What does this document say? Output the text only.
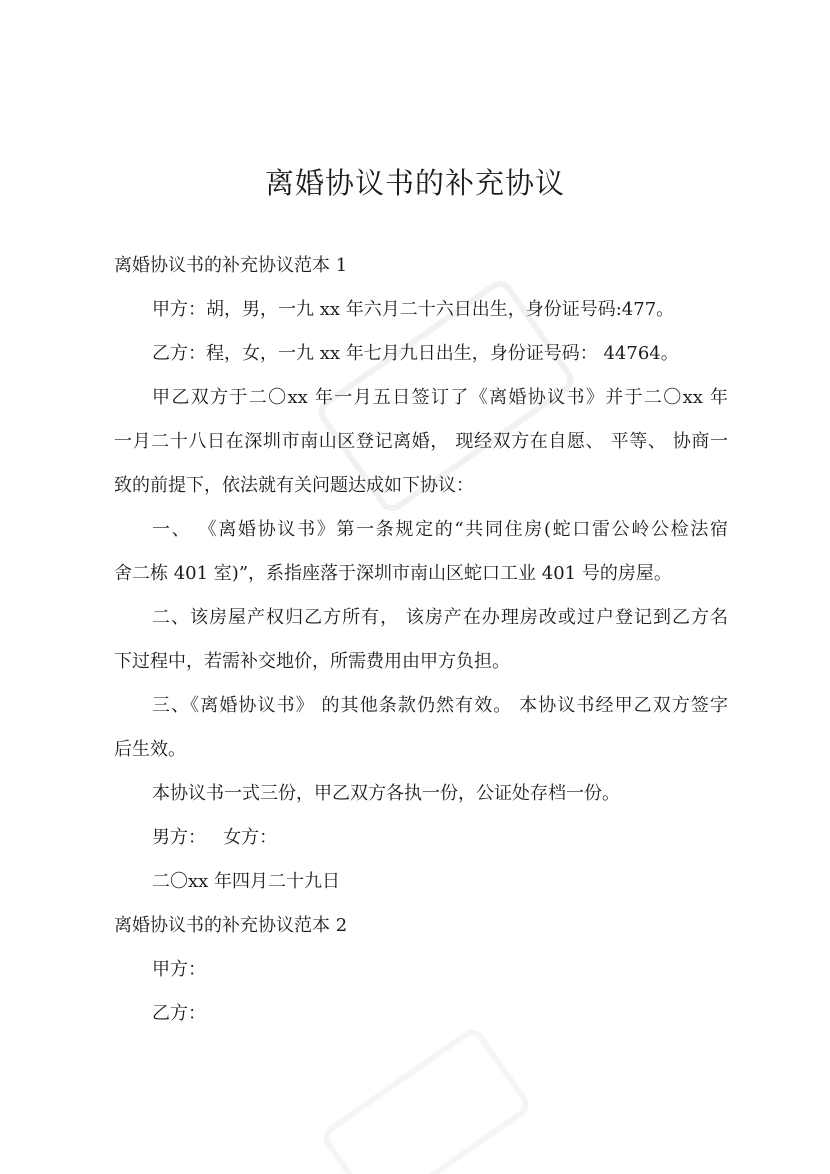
离婚协议书的补充协议
离婚协议书的补充协议范本 1
甲方：胡，男，一九 xx 年六月二十六日出生，身份证号码:477。
乙方：程，女，一九 xx 年七月九日出生，身份证号码： 44764。
甲乙双方于二〇xx 年一月五日签订了《离婚协议书》并于二〇xx 年
一月二十八日在深圳市南山区登记离婚， 现经双方在自愿、 平等、 协商一
致的前提下，依法就有关问题达成如下协议：
一、 《离婚协议书》第一条规定的“共同住房(蛇口雷公岭公检法宿
舍二栋 401 室)”，系指座落于深圳市南山区蛇口工业 401 号的房屋。
二、该房屋产权归乙方所有， 该房产在办理房改或过户登记到乙方名
下过程中，若需补交地价，所需费用由甲方负担。
三、《离婚协议书》 的其他条款仍然有效。 本协议书经甲乙双方签字
后生效。
本协议书一式三份，甲乙双方各执一份，公证处存档一份。
男方：   女方：
二〇xx 年四月二十九日
离婚协议书的补充协议范本 2
甲方：
乙方：
